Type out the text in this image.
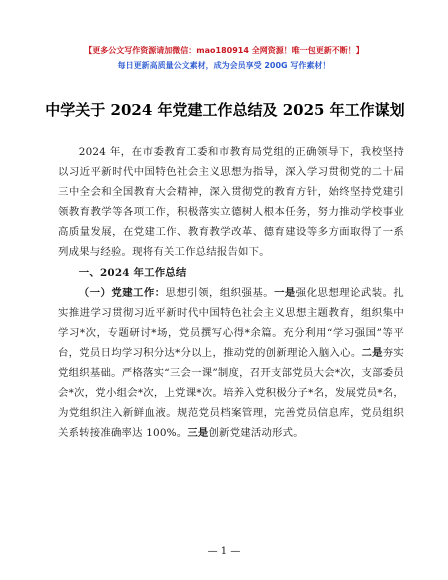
【更多公文写作资源请加微信：mao180914 全网资源！唯一包更新不断！】
每日更新高质量公文素材，成为会员享受 200G 写作素材！
中学关于 2024 年党建工作总结及 2025 年工作谋划

2024 年，在市委教育工委和市教育局党组的正确领导下，我校坚持以习近平新时代中国特色社会主义思想为指导，深入学习贯彻党的二十届三中全会和全国教育大会精神，深入贯彻党的教育方针，始终坚持党建引领教育教学等各项工作，积极落实立德树人根本任务，努力推动学校事业高质量发展，在党建工作、教育教学改革、德育建设等多方面取得了一系列成果与经验。现将有关工作总结报告如下。

一、2024 年工作总结

（一）党建工作：思想引领，组织强基。一是强化思想理论武装。扎实推进学习贯彻习近平新时代中国特色社会主义思想主题教育，组织集中学习*次，专题研讨*场，党员撰写心得*余篇。充分利用“学习强国”等平台，党员日均学习积分达*分以上，推动党的创新理论入脑入心。二是夯实党组织基础。严格落实“三会一课”制度，召开支部党员大会*次，支部委员会*次，党小组会*次，上党课*次。培养入党积极分子*名，发展党员*名，为党组织注入新鲜血液。规范党员档案管理，完善党员信息库，党员组织关系转接准确率达 100%。三是创新党建活动形式。

— 1 —
